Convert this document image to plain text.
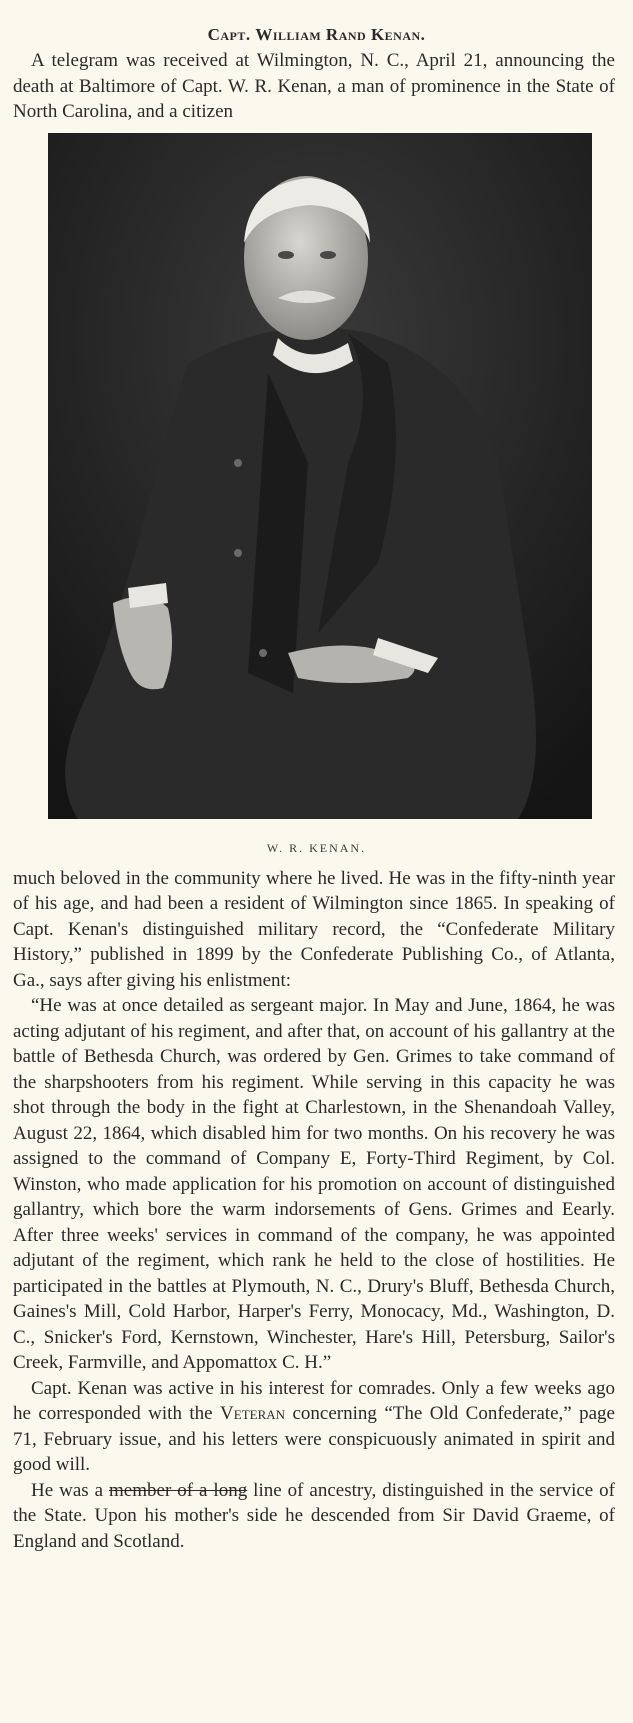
Capt. William Rand Kenan.

A telegram was received at Wilmington, N. C., April 21, announcing the death at Baltimore of Capt. W. R. Kenan, a man of prominence in the State of North Carolina, and a citizen

W. R. KENAN.

much beloved in the community where he lived. He was in the fifty-ninth year of his age, and had been a resident of Wilmington since 1865. In speaking of Capt. Kenan's distinguished military record, the “Confederate Military History,” published in 1899 by the Confederate Publishing Co., of Atlanta, Ga., says after giving his enlistment:

“He was at once detailed as sergeant major. In May and June, 1864, he was acting adjutant of his regiment, and after that, on account of his gallantry at the battle of Bethesda Church, was ordered by Gen. Grimes to take command of the sharpshooters from his regiment. While serving in this capacity he was shot through the body in the fight at Charlestown, in the Shenandoah Valley, August 22, 1864, which disabled him for two months. On his recovery he was assigned to the command of Company E, Forty-Third Regiment, by Col. Winston, who made application for his promotion on account of distinguished gallantry, which bore the warm indorsements of Gens. Grimes and Eearly. After three weeks' services in command of the company, he was appointed adjutant of the regiment, which rank he held to the close of hostilities. He participated in the battles at Plymouth, N. C., Drury's Bluff, Bethesda Church, Gaines's Mill, Cold Harbor, Harper's Ferry, Monocacy, Md., Washington, D. C., Snicker's Ford, Kernstown, Winchester, Hare's Hill, Petersburg, Sailor's Creek, Farmville, and Appomattox C. H.”

Capt. Kenan was active in his interest for comrades. Only a few weeks ago he corresponded with the Veteran concerning “The Old Confederate,” page 71, February issue, and his letters were conspicuously animated in spirit and good will.

He was a member of a long line of ancestry, distinguished in the service of the State. Upon his mother's side he descended from Sir David Graeme, of England and Scotland.
